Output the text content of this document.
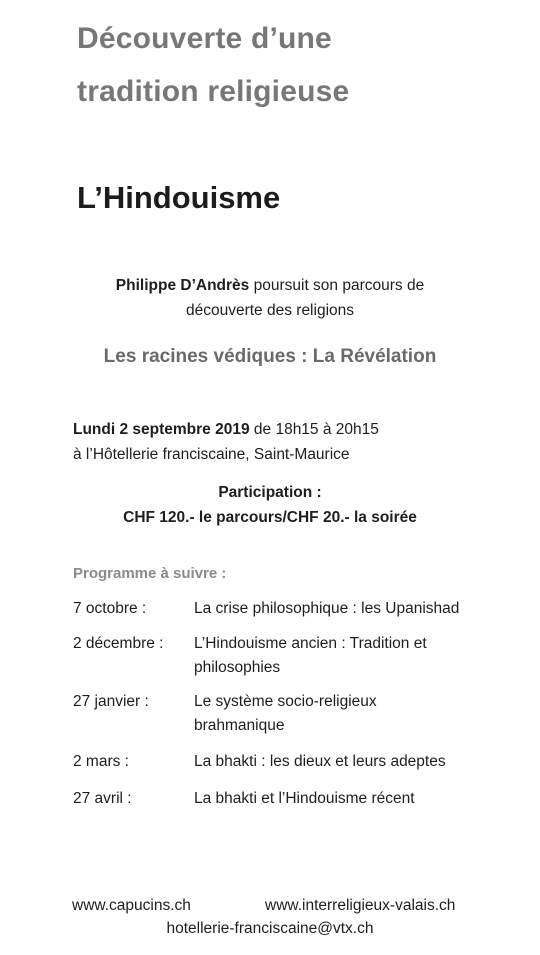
Découverte d’une
tradition religieuse
L’Hindouisme
Philippe D’Andrès poursuit son parcours de
découverte des religions
Les racines védiques : La Révélation
Lundi 2 septembre 2019 de 18h15 à 20h15
à l’Hôtellerie franciscaine, Saint-Maurice
Participation :
CHF 120.- le parcours/CHF 20.- la soirée
Programme à suivre :
7 octobre :	La crise philosophique : les Upanishad
2 décembre : L’Hindouisme ancien : Tradition et
philosophies
27 janvier :	Le système socio-religieux
brahmanique
2 mars :	La bhakti : les dieux et leurs adeptes
27 avril :	La bhakti et l’Hindouisme récent
www.capucins.ch	www.interreligieux-valais.ch
hotellerie-franciscaine@vtx.ch
